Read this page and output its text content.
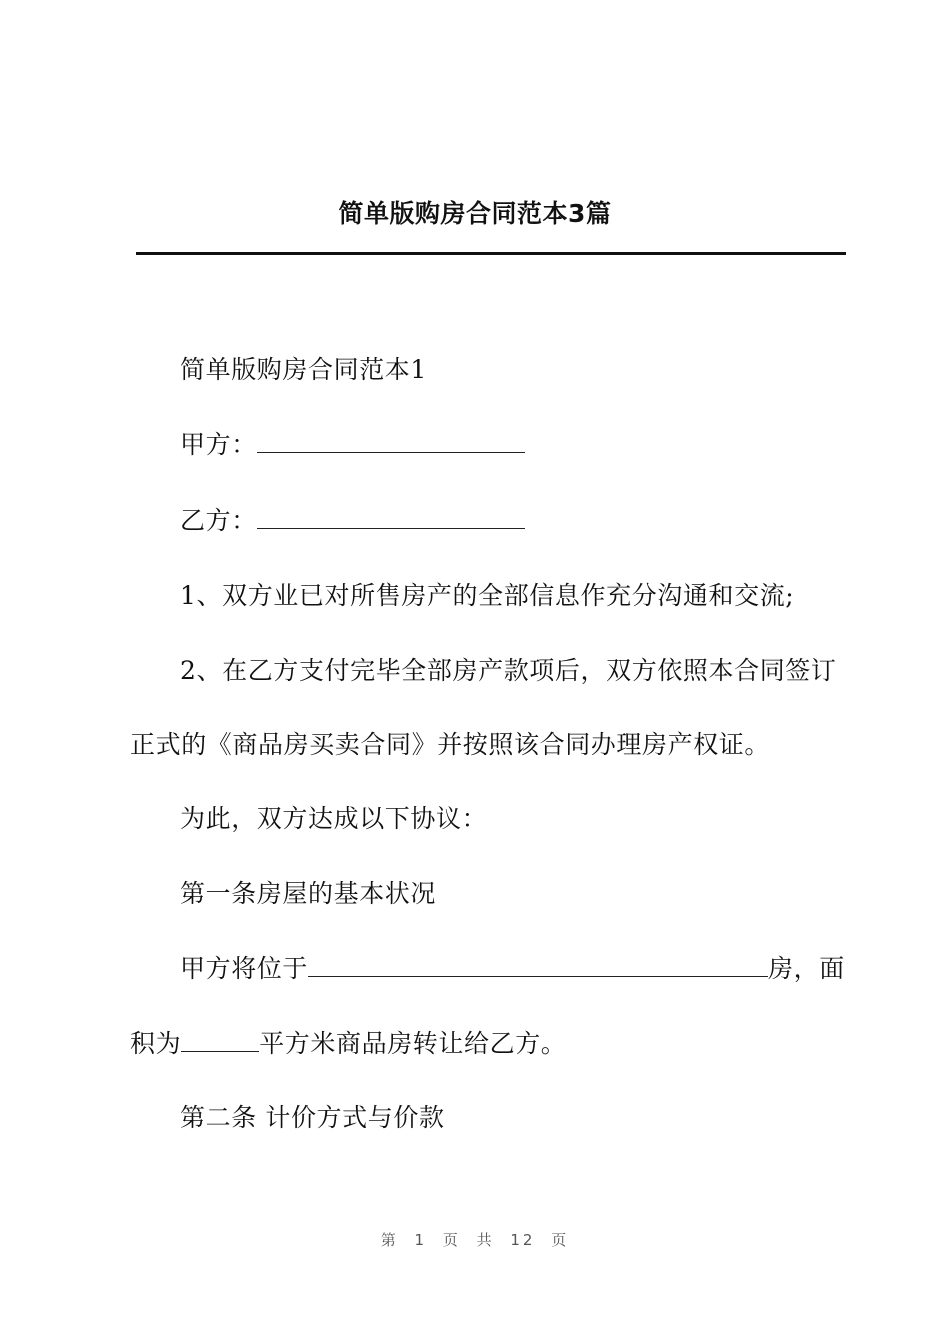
简单版购房合同范本3篇
简单版购房合同范本1
甲方：
乙方：
1、双方业已对所售房产的全部信息作充分沟通和交流;
2、在乙方支付完毕全部房产款项后，双方依照本合同签订
正式的《商品房买卖合同》并按照该合同办理房产权证。
为此，双方达成以下协议：
第一条房屋的基本状况
甲方将位于	房，面
积为	平方米商品房转让给乙方。
第二条 计价方式与价款
第 1 页 共 12 页
